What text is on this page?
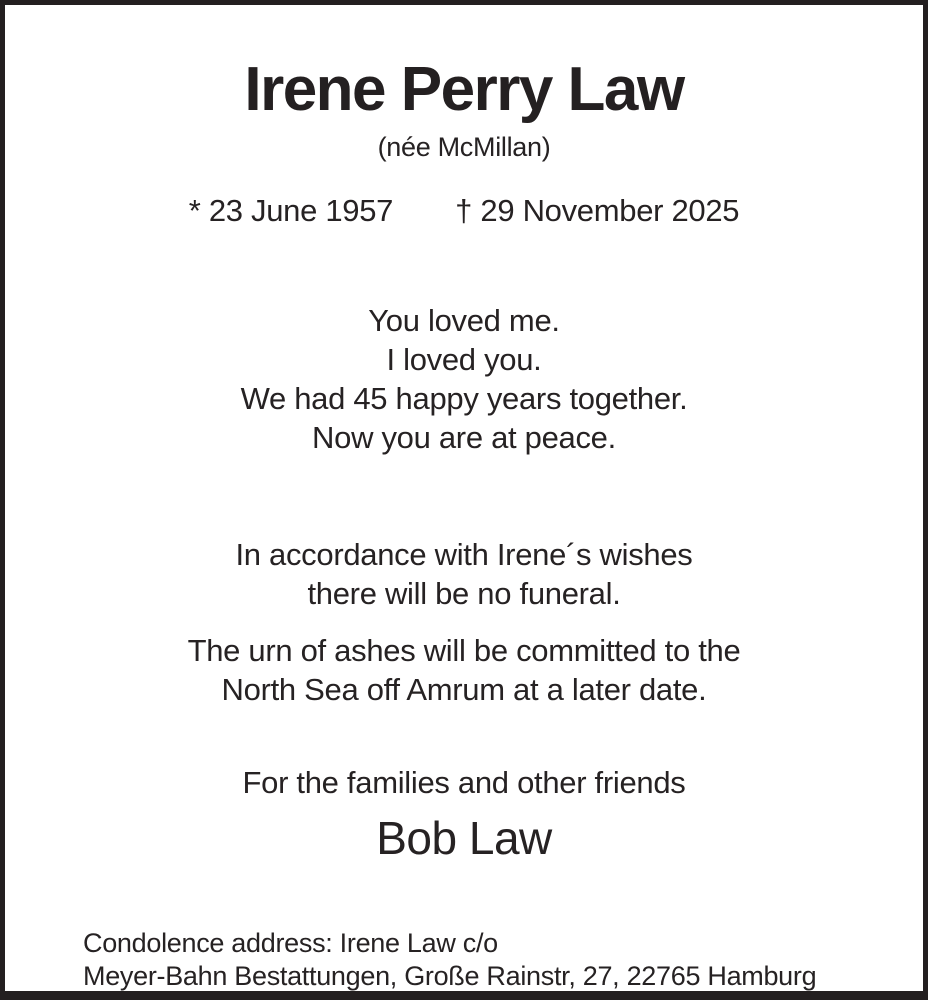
Irene Perry Law
(née McMillan)
* 23 June 1957 † 29 November 2025
You loved me.
I loved you.
We had 45 happy years together.
Now you are at peace.
In accordance with Irene´s wishes
there will be no funeral.
The urn of ashes will be committed to the
North Sea off Amrum at a later date.
For the families and other friends
Bob Law
Condolence address: Irene Law c/o
Meyer-Bahn Bestattungen, Große Rainstr, 27, 22765 Hamburg
